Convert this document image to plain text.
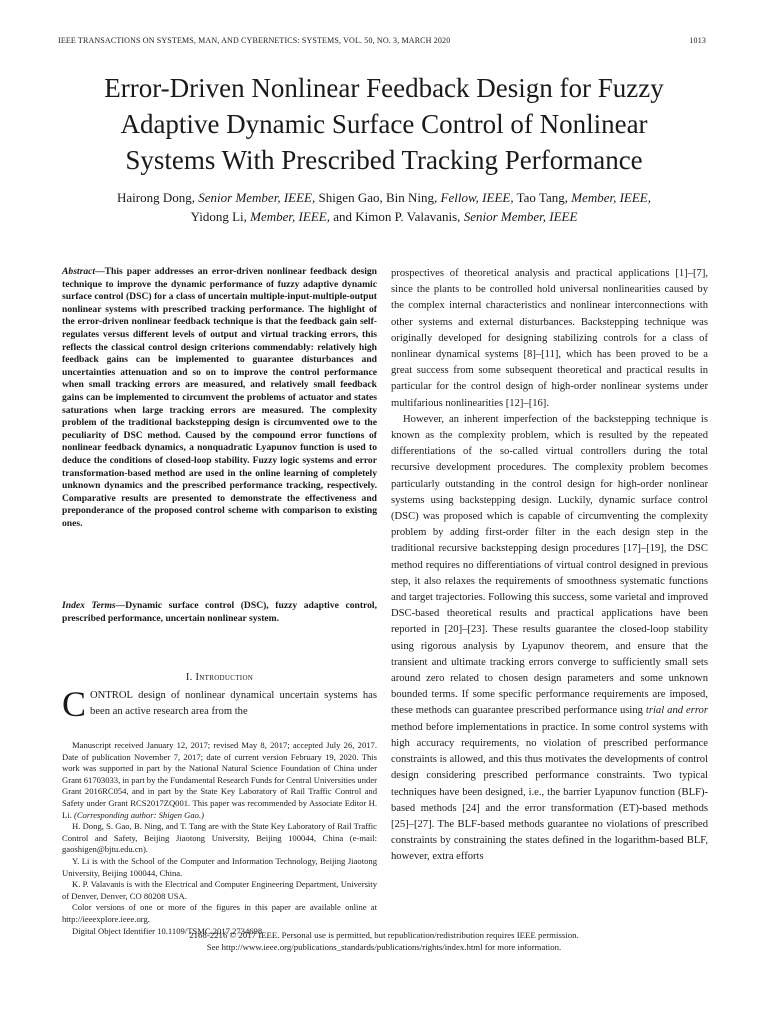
IEEE TRANSACTIONS ON SYSTEMS, MAN, AND CYBERNETICS: SYSTEMS, VOL. 50, NO. 3, MARCH 2020	1013
Error-Driven Nonlinear Feedback Design for Fuzzy
Adaptive Dynamic Surface Control of Nonlinear
Systems With Prescribed Tracking Performance
Hairong Dong, Senior Member, IEEE, Shigen Gao, Bin Ning, Fellow, IEEE, Tao Tang, Member, IEEE,
Yidong Li, Member, IEEE, and Kimon P. Valavanis, Senior Member, IEEE
Abstract—This paper addresses an error-driven nonlinear feedback design technique to improve the dynamic performance of fuzzy adaptive dynamic surface control (DSC) for a class of uncertain multiple-input-multiple-output nonlinear systems with prescribed tracking performance. The highlight of the error-driven nonlinear feedback technique is that the feedback gain self-regulates versus different levels of output and virtual tracking errors, this reflects the classical control design criterions commendably: relatively high feedback gains can be implemented to guarantee disturbances and uncertainties attenuation and so on to improve the control performance when small tracking errors are measured, and relatively small feedback gains can be implemented to circumvent the problems of actuator and states saturations when large tracking errors are measured. The complexity problem of the traditional backstepping design is circumvented owe to the peculiarity of DSC method. Caused by the compound error functions of nonlinear feedback dynamics, a nonquadratic Lyapunov function is used to deduce the conditions of closed-loop stability. Fuzzy logic systems and error transformation-based method are used in the online learning of completely unknown dynamics and the prescribed performance tracking, respectively. Comparative results are presented to demonstrate the effectiveness and preponderance of the proposed control scheme with comparison to existing ones.
Index Terms—Dynamic surface control (DSC), fuzzy adaptive control, prescribed performance, uncertain nonlinear system.
I. Introduction
CONTROL design of nonlinear dynamical uncertain systems has been an active research area from the

Manuscript received January 12, 2017; revised May 8, 2017; accepted July 26, 2017. Date of publication November 7, 2017; date of current version February 19, 2020. This work was supported in part by the National Natural Science Foundation of China under Grant 61703033, in part by the Fundamental Research Funds for Central Universities under Grant 2016RC054, and in part by the State Key Laboratory of Rail Traffic Control and Safety under Grant RCS2017ZQ001. This paper was recommended by Associate Editor H. Li. (Corresponding author: Shigen Gao.)

H. Dong, S. Gao, B. Ning, and T. Tang are with the State Key Laboratory of Rail Traffic Control and Safety, Beijing Jiaotong University, Beijing 100044, China (e-mail: gaoshigen@bjtu.edu.cn).

Y. Li is with the School of the Computer and Information Technology, Beijing Jiaotong University, Beijing 100044, China.

K. P. Valavanis is with the Electrical and Computer Engineering Department, University of Denver, Denver, CO 80208 USA.

Color versions of one or more of the figures in this paper are available online at http://ieeexplore.ieee.org.

Digital Object Identifier 10.1109/TSMC.2017.2734698

prospectives of theoretical analysis and practical applications [1]–[7], since the plants to be controlled hold universal nonlinearities caused by the complex internal characteristics and nonlinear interconnections with other systems and external disturbances. Backstepping technique was originally developed for designing stabilizing controls for a class of nonlinear dynamical systems [8]–[11], which has been proved to be a great success from some subsequent theoretical and practical results in particular for the control design of high-order nonlinear systems under multifarious nonlinearities [12]–[16].

However, an inherent imperfection of the backstepping technique is known as the complexity problem, which is resulted by the repeated differentiations of the so-called virtual controllers during the total recursive development procedures. The complexity problem becomes particularly outstanding in the control design for high-order nonlinear systems using backstepping design. Luckily, dynamic surface control (DSC) was proposed which is capable of circumventing the complexity problem by adding first-order filter in the each design step in the traditional recursive backstepping design procedures [17]–[19], the DSC method requires no differentiations of virtual control designed in previous step, it also relaxes the requirements of smoothness systematic functions and target trajectories. Following this success, some varietal and improved DSC-based theoretical results and practical applications have been reported in [20]–[23]. These results guarantee the closed-loop stability using rigorous analysis by Lyapunov theorem, and ensure that the transient and ultimate tracking errors converge to sufficiently small sets around zero related to chosen design parameters and some unknown bounded terms. If some specific performance requirements are imposed, these methods can guarantee prescribed performance using trial and error method before implementations in practice. In some control systems with high accuracy requirements, no violation of prescribed performance constraints is allowed, and this thus motivates the developments of control design considering prescribed performance constraints. Two typical techniques have been designed, i.e., the barrier Lyapunov function (BLF)-based methods [24] and the error transformation (ET)-based methods [25]–[27]. The BLF-based methods guarantee no violations of prescribed constraints by constraining the states defined in the logarithm-based BLF, however, extra efforts

2168-2216 © 2017 IEEE. Personal use is permitted, but republication/redistribution requires IEEE permission.
See http://www.ieee.org/publications_standards/publications/rights/index.html for more information.
